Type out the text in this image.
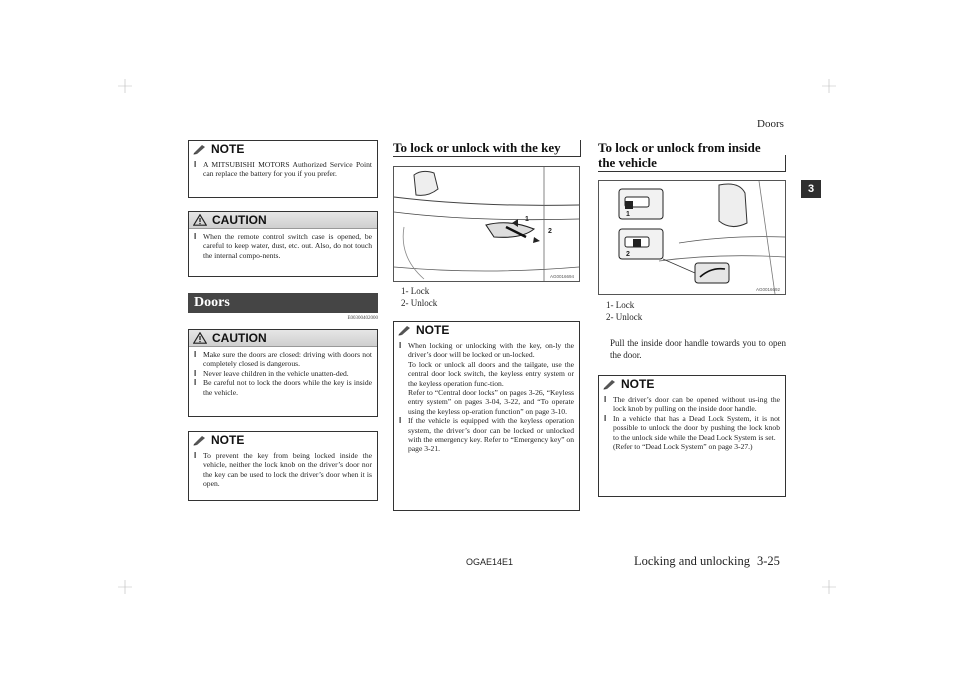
Doors
3
NOTE
l A MITSUBISHI MOTORS Authorized Service Point can replace the battery for you if you prefer.
CAUTION
l When the remote control switch case is opened, be careful to keep water, dust, etc. out. Also, do not touch the internal compo-nents.
Doors
E00300402000
CAUTION
l Make sure the doors are closed: driving with doors not completely closed is dangerous.
l Never leave children in the vehicle unatten-ded.
l Be careful not to lock the doors while the key is inside the vehicle.
NOTE
l To prevent the key from being locked inside the vehicle, neither the lock knob on the driver’s door nor the key can be used to lock the driver’s door when it is open.
To lock or unlock with the key
1
2
AG0016694
1- Lock
2- Unlock
NOTE
l When locking or unlocking with the key, on-ly the driver’s door will be locked or un-locked.
To lock or unlock all doors and the tailgate, use the central door lock switch, the keyless entry system or the keyless operation func-tion.
Refer to “Central door locks” on pages 3-26, “Keyless entry system” on pages 3-04, 3-22, and “To operate using the keyless op-eration function” on page 3-10.
l If the vehicle is equipped with the keyless operation system, the driver’s door can be locked or unlocked with the emergency key. Refer to “Emergency key” on page 3-21.
To lock or unlock from inside
the vehicle
1
2
AG0016692
1- Lock
2- Unlock
Pull the inside door handle towards you to open the door.
NOTE
l The driver’s door can be opened without us-ing the lock knob by pulling on the inside door handle.
l In a vehicle that has a Dead Lock System, it is not possible to unlock the door by pushing the lock knob to the unlock side while the Dead Lock System is set.
(Refer to “Dead Lock System” on page 3-27.)
OGAE14E1	Locking and unlocking 3-25
